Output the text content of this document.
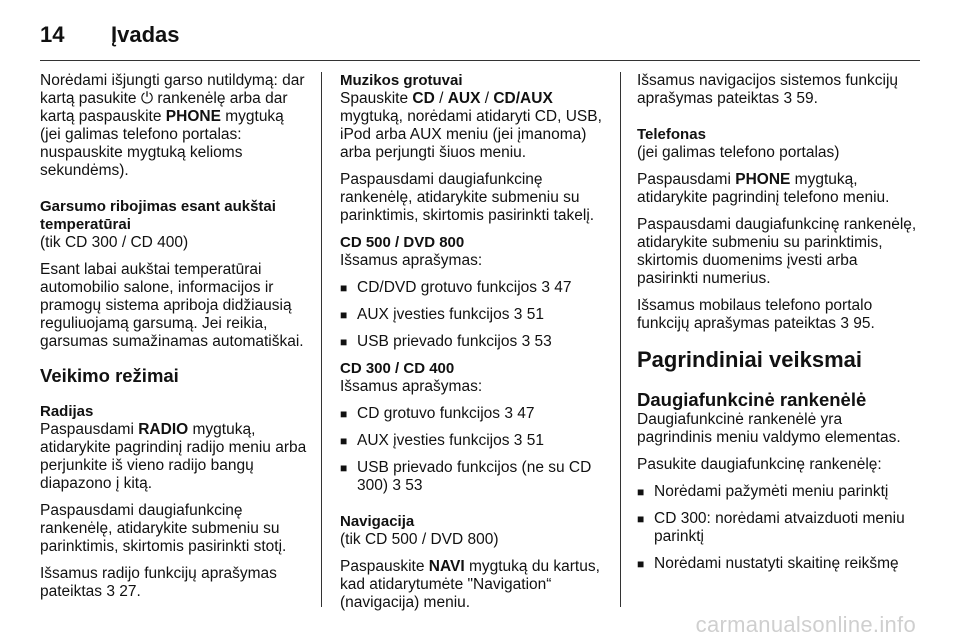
14 Įvadas

Norėdami išjungti garso nutildymą: dar kartą pasukite ⏻ rankenėlę arba dar kartą paspauskite PHONE mygtuką (jei galimas telefono portalas: nuspauskite mygtuką kelioms sekundėms).

Garsumo ribojimas esant aukštai temperatūrai

(tik CD 300 / CD 400)

Esant labai aukštai temperatūrai automobilio salone, informacijos ir pramogų sistema apriboja didžiausią reguliuojamą garsumą. Jei reikia, garsumas sumažinamas automatiškai.

Veikimo režimai

Radijas

Paspausdami RADIO mygtuką, atidarykite pagrindinį radijo meniu arba perjunkite iš vieno radijo bangų diapazono į kitą.

Paspausdami daugiafunkcinę rankenėlę, atidarykite submeniu su parinktimis, skirtomis pasirinkti stotį.

Išsamus radijo funkcijų aprašymas pateiktas 3 27.

Muzikos grotuvai

Spauskite CD / AUX / CD/AUX mygtuką, norėdami atidaryti CD, USB, iPod arba AUX meniu (jei įmanoma) arba perjungti šiuos meniu.

Paspausdami daugiafunkcinę rankenėlę, atidarykite submeniu su parinktimis, skirtomis pasirinkti takelį.

CD 500 / DVD 800

Išsamus aprašymas:

■ CD/DVD grotuvo funkcijos 3 47
■ AUX įvesties funkcijos 3 51
■ USB prievado funkcijos 3 53

CD 300 / CD 400

Išsamus aprašymas:

■ CD grotuvo funkcijos 3 47
■ AUX įvesties funkcijos 3 51
■ USB prievado funkcijos (ne su CD 300) 3 53

Navigacija

(tik CD 500 / DVD 800)

Paspauskite NAVI mygtuką du kartus, kad atidarytumėte "Navigation“ (navigacija) meniu.

Išsamus navigacijos sistemos funkcijų aprašymas pateiktas 3 59.

Telefonas

(jei galimas telefono portalas)

Paspausdami PHONE mygtuką, atidarykite pagrindinį telefono meniu.

Paspausdami daugiafunkcinę rankenėlę, atidarykite submeniu su parinktimis, skirtomis duomenims įvesti arba pasirinkti numerius.

Išsamus mobilaus telefono portalo funkcijų aprašymas pateiktas 3 95.

Pagrindiniai veiksmai
Daugiafunkcinė rankenėlė

Daugiafunkcinė rankenėlė yra pagrindinis meniu valdymo elementas.

Pasukite daugiafunkcinę rankenėlę:

■ Norėdami pažymėti meniu parinktį
■ CD 300: norėdami atvaizduoti meniu parinktį
■ Norėdami nustatyti skaitinę reikšmę
carmanualsonline.info
